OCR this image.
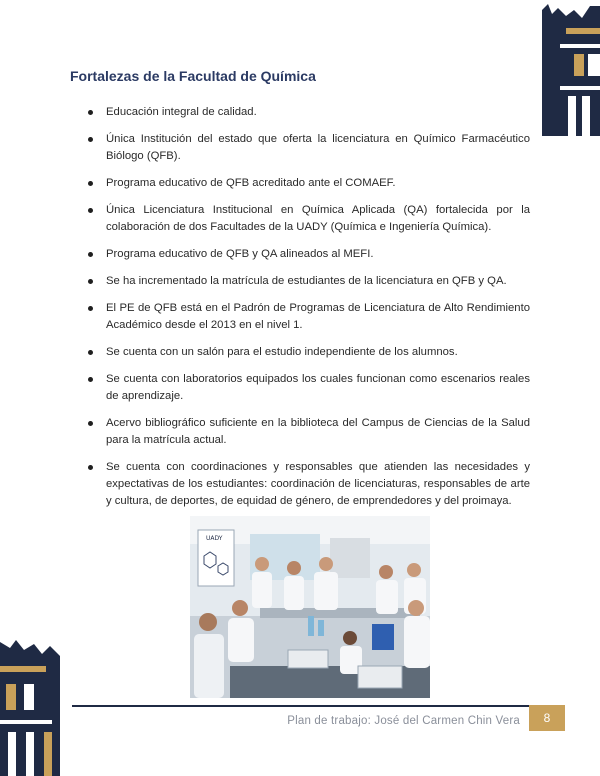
Fortalezas de la Facultad de Química
Educación integral de calidad.
Única Institución del estado que oferta la licenciatura en Químico Farmacéutico Biólogo (QFB).
Programa educativo de QFB acreditado ante el COMAEF.
Única Licenciatura Institucional en Química Aplicada (QA) fortalecida por la colaboración de dos Facultades de la UADY (Química e Ingeniería Química).
Programa educativo de QFB y QA alineados al MEFI.
Se ha incrementado la matrícula de estudiantes de la licenciatura en QFB y QA.
El PE de QFB está en el Padrón de Programas de Licenciatura de Alto Rendimiento Académico desde el 2013 en el nivel 1.
Se cuenta con un salón para el estudio independiente de los alumnos.
Se cuenta con laboratorios equipados los cuales funcionan como escenarios reales de aprendizaje.
Acervo bibliográfico suficiente en la biblioteca del Campus de Ciencias de la Salud para la matrícula actual.
Se cuenta con coordinaciones y responsables que atienden las necesidades y expectativas de los estudiantes: coordinación de licenciaturas, responsables de arte y cultura, de deportes, de equidad de género, de emprendedores y del proimaya.
UADY
Plan de trabajo: José del Carmen Chin Vera	8
